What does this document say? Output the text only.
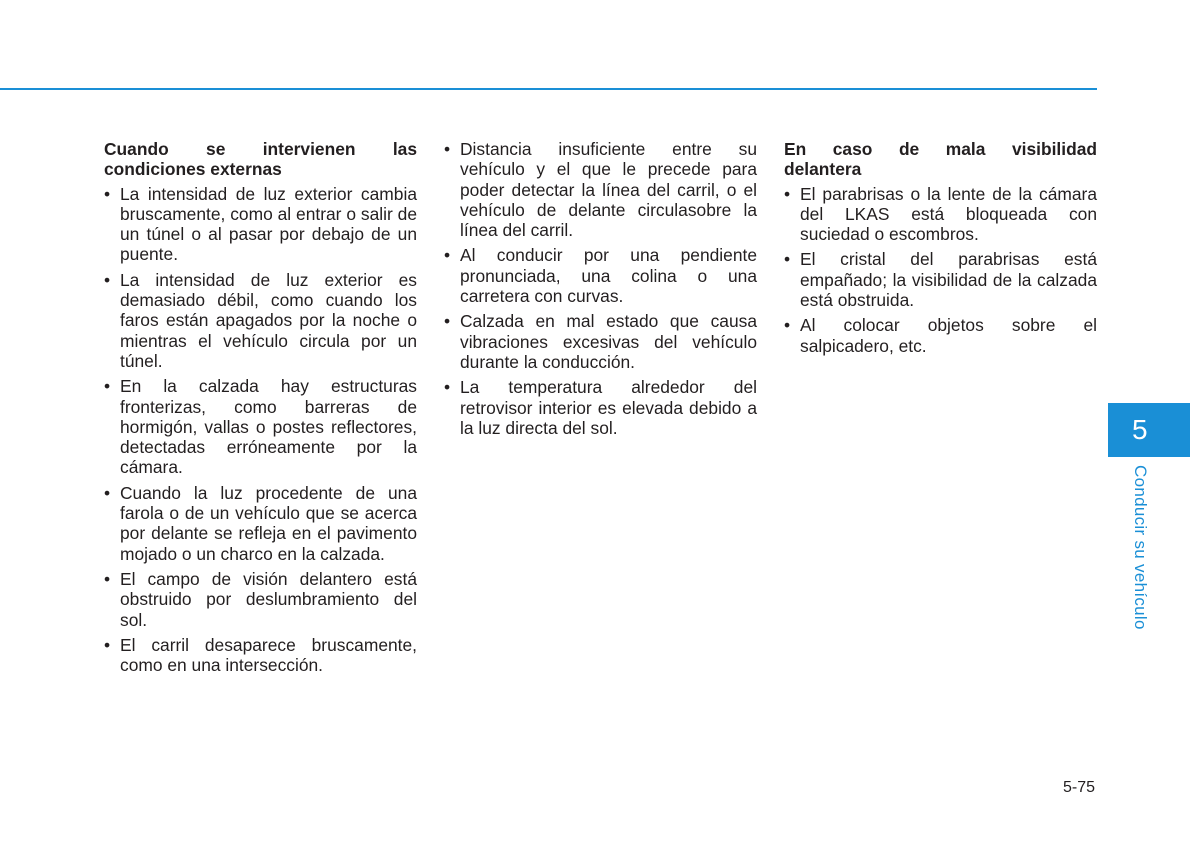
Cuando se intervienen las
condiciones externas
• La intensidad de luz exterior cambia bruscamente, como al entrar o salir de un túnel o al pasar por debajo de un puente.
• La intensidad de luz exterior es demasiado débil, como cuando los faros están apagados por la noche o mientras el vehículo circula por un túnel.
• En la calzada hay estructuras fronterizas, como barreras de hormigón, vallas o postes reflectores, detectadas erróneamente por la cámara.
• Cuando la luz procedente de una farola o de un vehículo que se acerca por delante se refleja en el pavimento mojado o un charco en la calzada.
• El campo de visión delantero está obstruido por deslumbramiento del sol.
• El carril desaparece bruscamente, como en una intersección.
• Distancia insuficiente entre su vehículo y el que le precede para poder detectar la línea del carril, o el vehículo de delante circulasobre la línea del carril.
• Al conducir por una pendiente pronunciada, una colina o una carretera con curvas.
• Calzada en mal estado que causa vibraciones excesivas del vehículo durante la conducción.
• La temperatura alrededor del retrovisor interior es elevada debido a la luz directa del sol.
En caso de mala visibilidad
delantera
• El parabrisas o la lente de la cámara del LKAS está bloqueada con suciedad o escombros.
• El cristal del parabrisas está empañado; la visibilidad de la calzada está obstruida.
• Al colocar objetos sobre el salpicadero, etc.
5
Conducir su vehículo
5-75
